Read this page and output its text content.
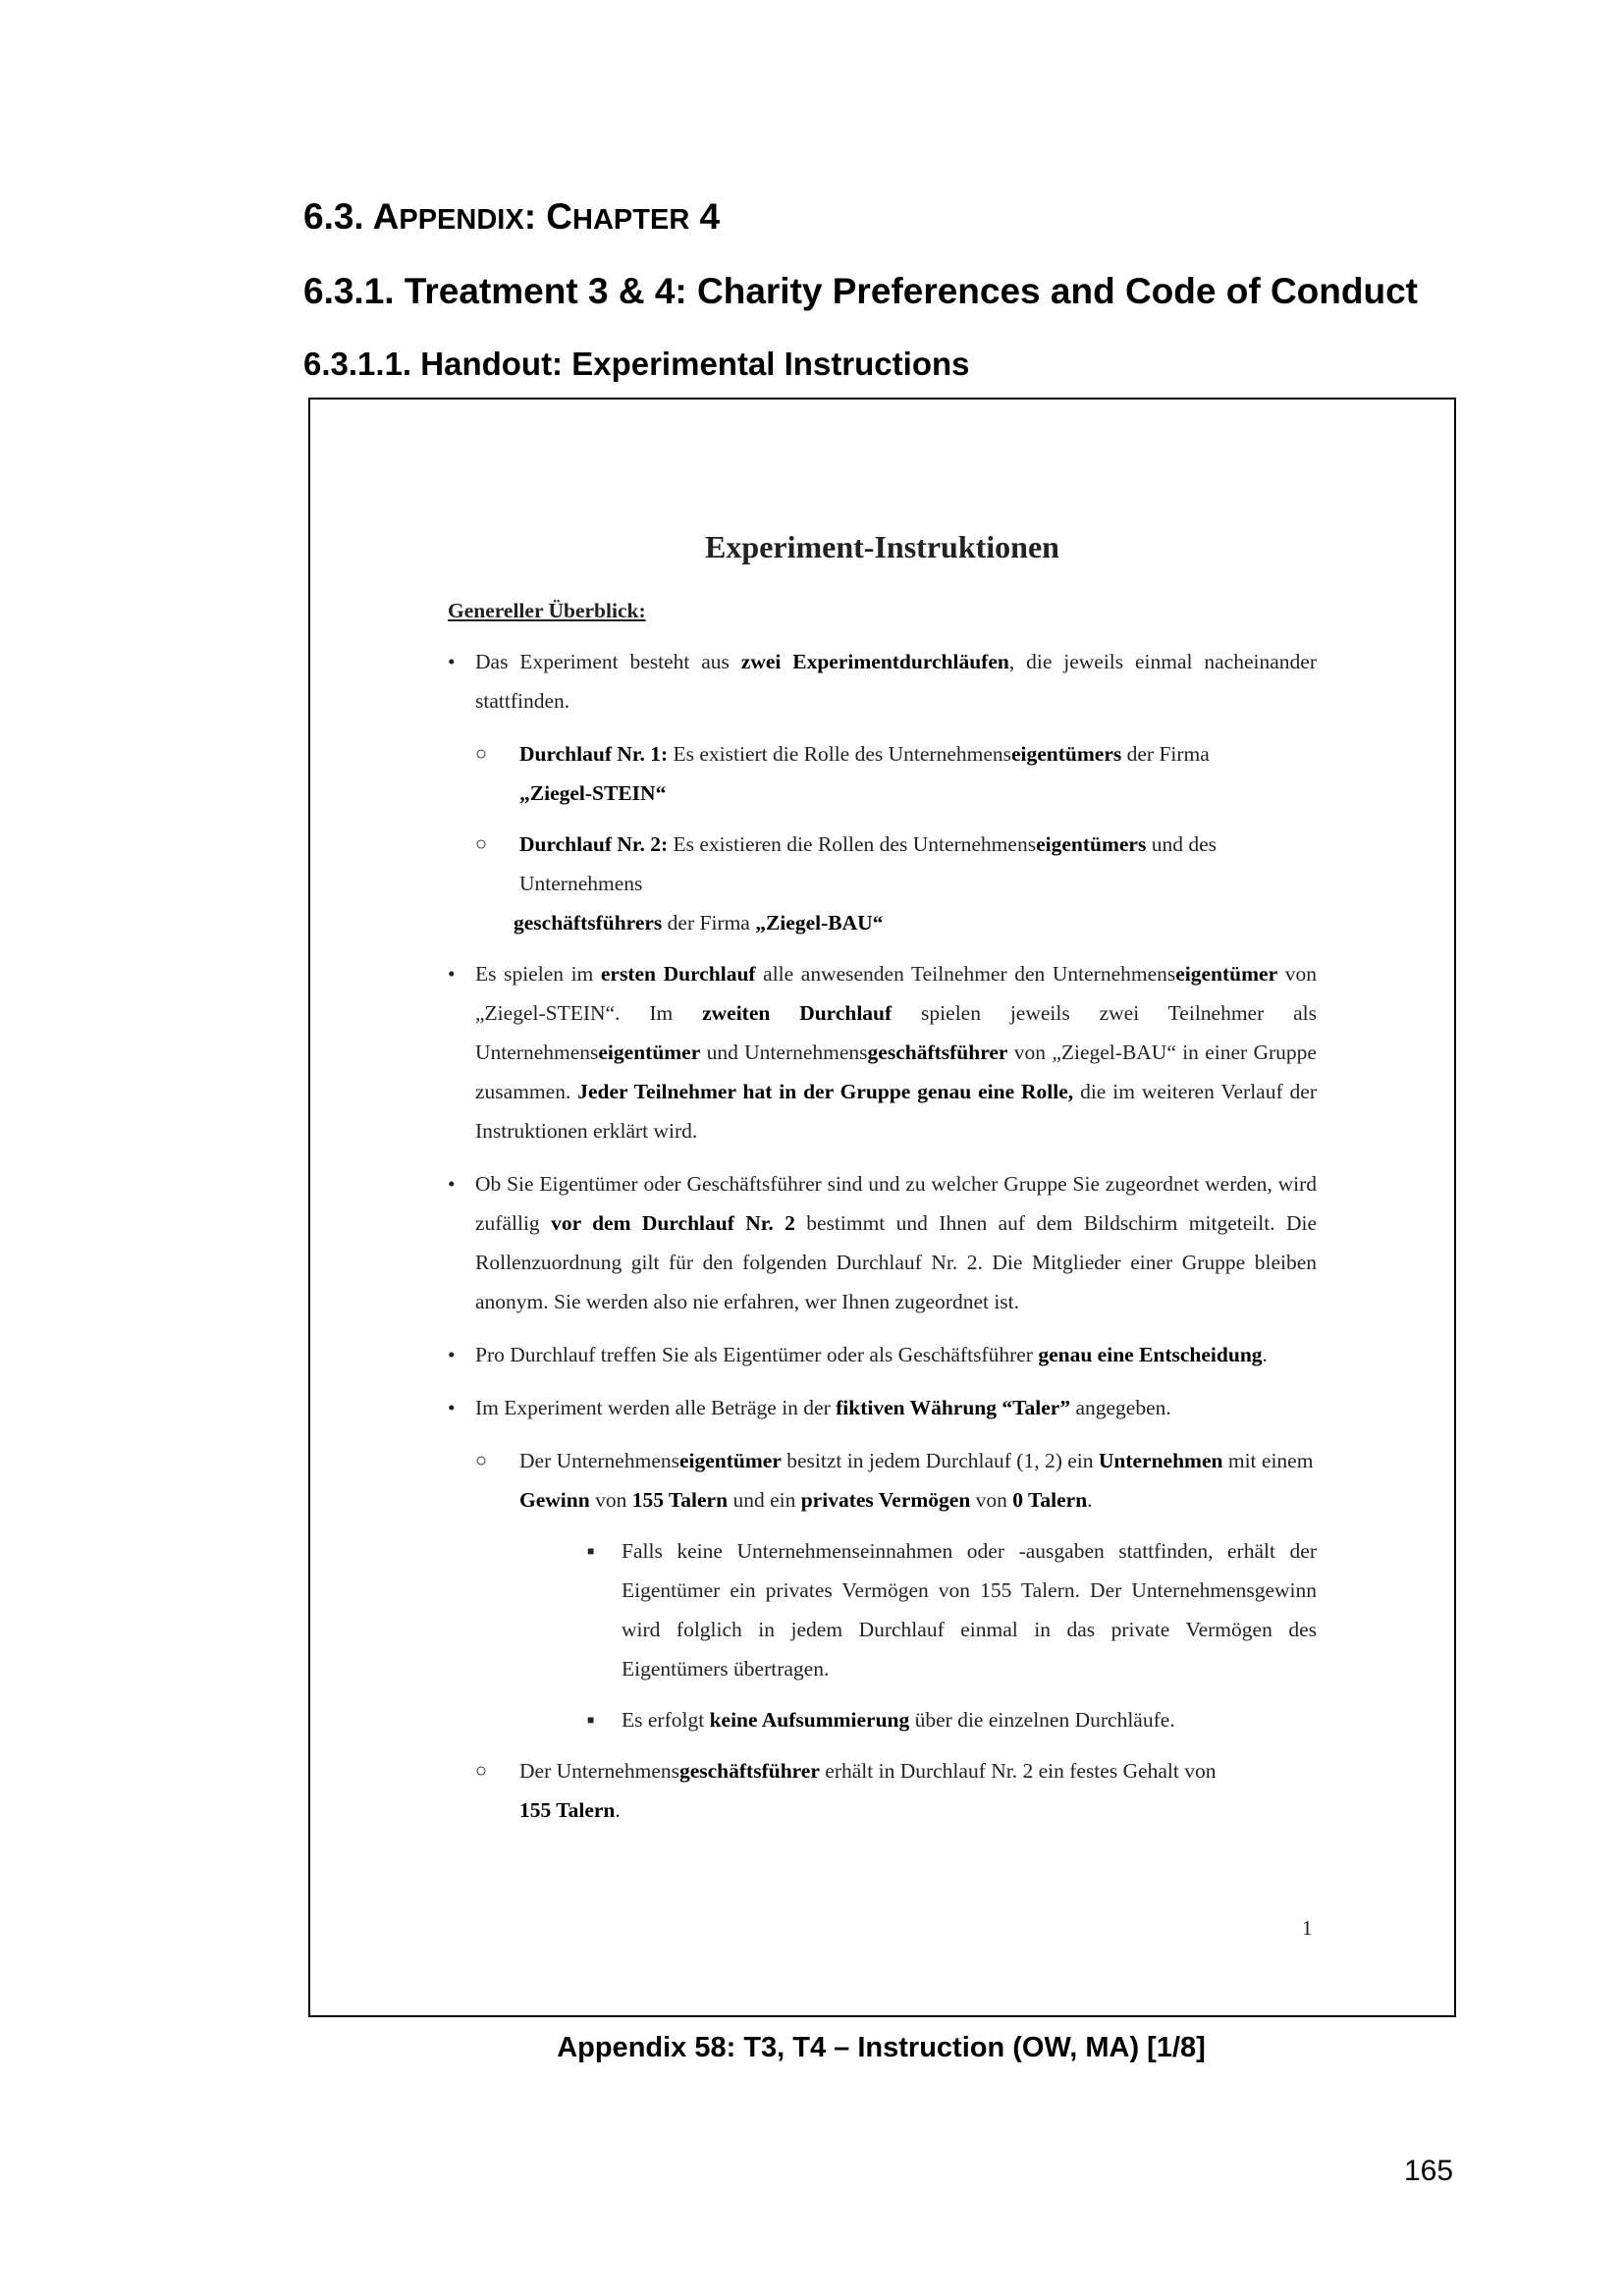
6.3. APPENDIX: CHAPTER 4
6.3.1. Treatment 3 & 4: Charity Preferences and Code of Conduct
6.3.1.1. Handout: Experimental Instructions
Experiment-Instruktionen
Genereller Überblick:
• Das Experiment besteht aus zwei Experimentdurchläufen, die jeweils einmal nacheinander stattfinden.

○ Durchlauf Nr. 1: Es existiert die Rolle des Unternehmenseigentümers der Firma
„Ziegel-STEIN“

○ Durchlauf Nr. 2: Es existieren die Rollen des Unternehmenseigentümers und des Unternehmens
geschäftsführers der Firma „Ziegel-BAU“

• Es spielen im ersten Durchlauf alle anwesenden Teilnehmer den Unternehmenseigentümer von „Ziegel-STEIN“. Im zweiten Durchlauf spielen jeweils zwei Teilnehmer als Unternehmenseigentümer und Unternehmensgeschäftsführer von „Ziegel-BAU“ in einer Gruppe zusammen. Jeder Teilnehmer hat in der Gruppe genau eine Rolle, die im weiteren Verlauf der Instruktionen erklärt wird.

• Ob Sie Eigentümer oder Geschäftsführer sind und zu welcher Gruppe Sie zugeordnet werden, wird zufällig vor dem Durchlauf Nr. 2 bestimmt und Ihnen auf dem Bildschirm mitgeteilt. Die Rollenzuordnung gilt für den folgenden Durchlauf Nr. 2. Die Mitglieder einer Gruppe bleiben anonym. Sie werden also nie erfahren, wer Ihnen zugeordnet ist.

• Pro Durchlauf treffen Sie als Eigentümer oder als Geschäftsführer genau eine Entscheidung.

• Im Experiment werden alle Beträge in der fiktiven Währung “Taler” angegeben.

○ Der Unternehmenseigentümer besitzt in jedem Durchlauf (1, 2) ein Unternehmen mit einem Gewinn von 155 Talern und ein privates Vermögen von 0 Talern.

■ Falls keine Unternehmenseinnahmen oder -ausgaben stattfinden, erhält der Eigentümer ein privates Vermögen von 155 Talern. Der Unternehmensgewinn wird folglich in jedem Durchlauf einmal in das private Vermögen des Eigentümers übertragen.

■ Es erfolgt keine Aufsummierung über die einzelnen Durchläufe.

○ Der Unternehmensgeschäftsführer erhält in Durchlauf Nr. 2 ein festes Gehalt von
155 Talern.

1
Appendix 58: T3, T4 – Instruction (OW, MA) [1/8]
165
